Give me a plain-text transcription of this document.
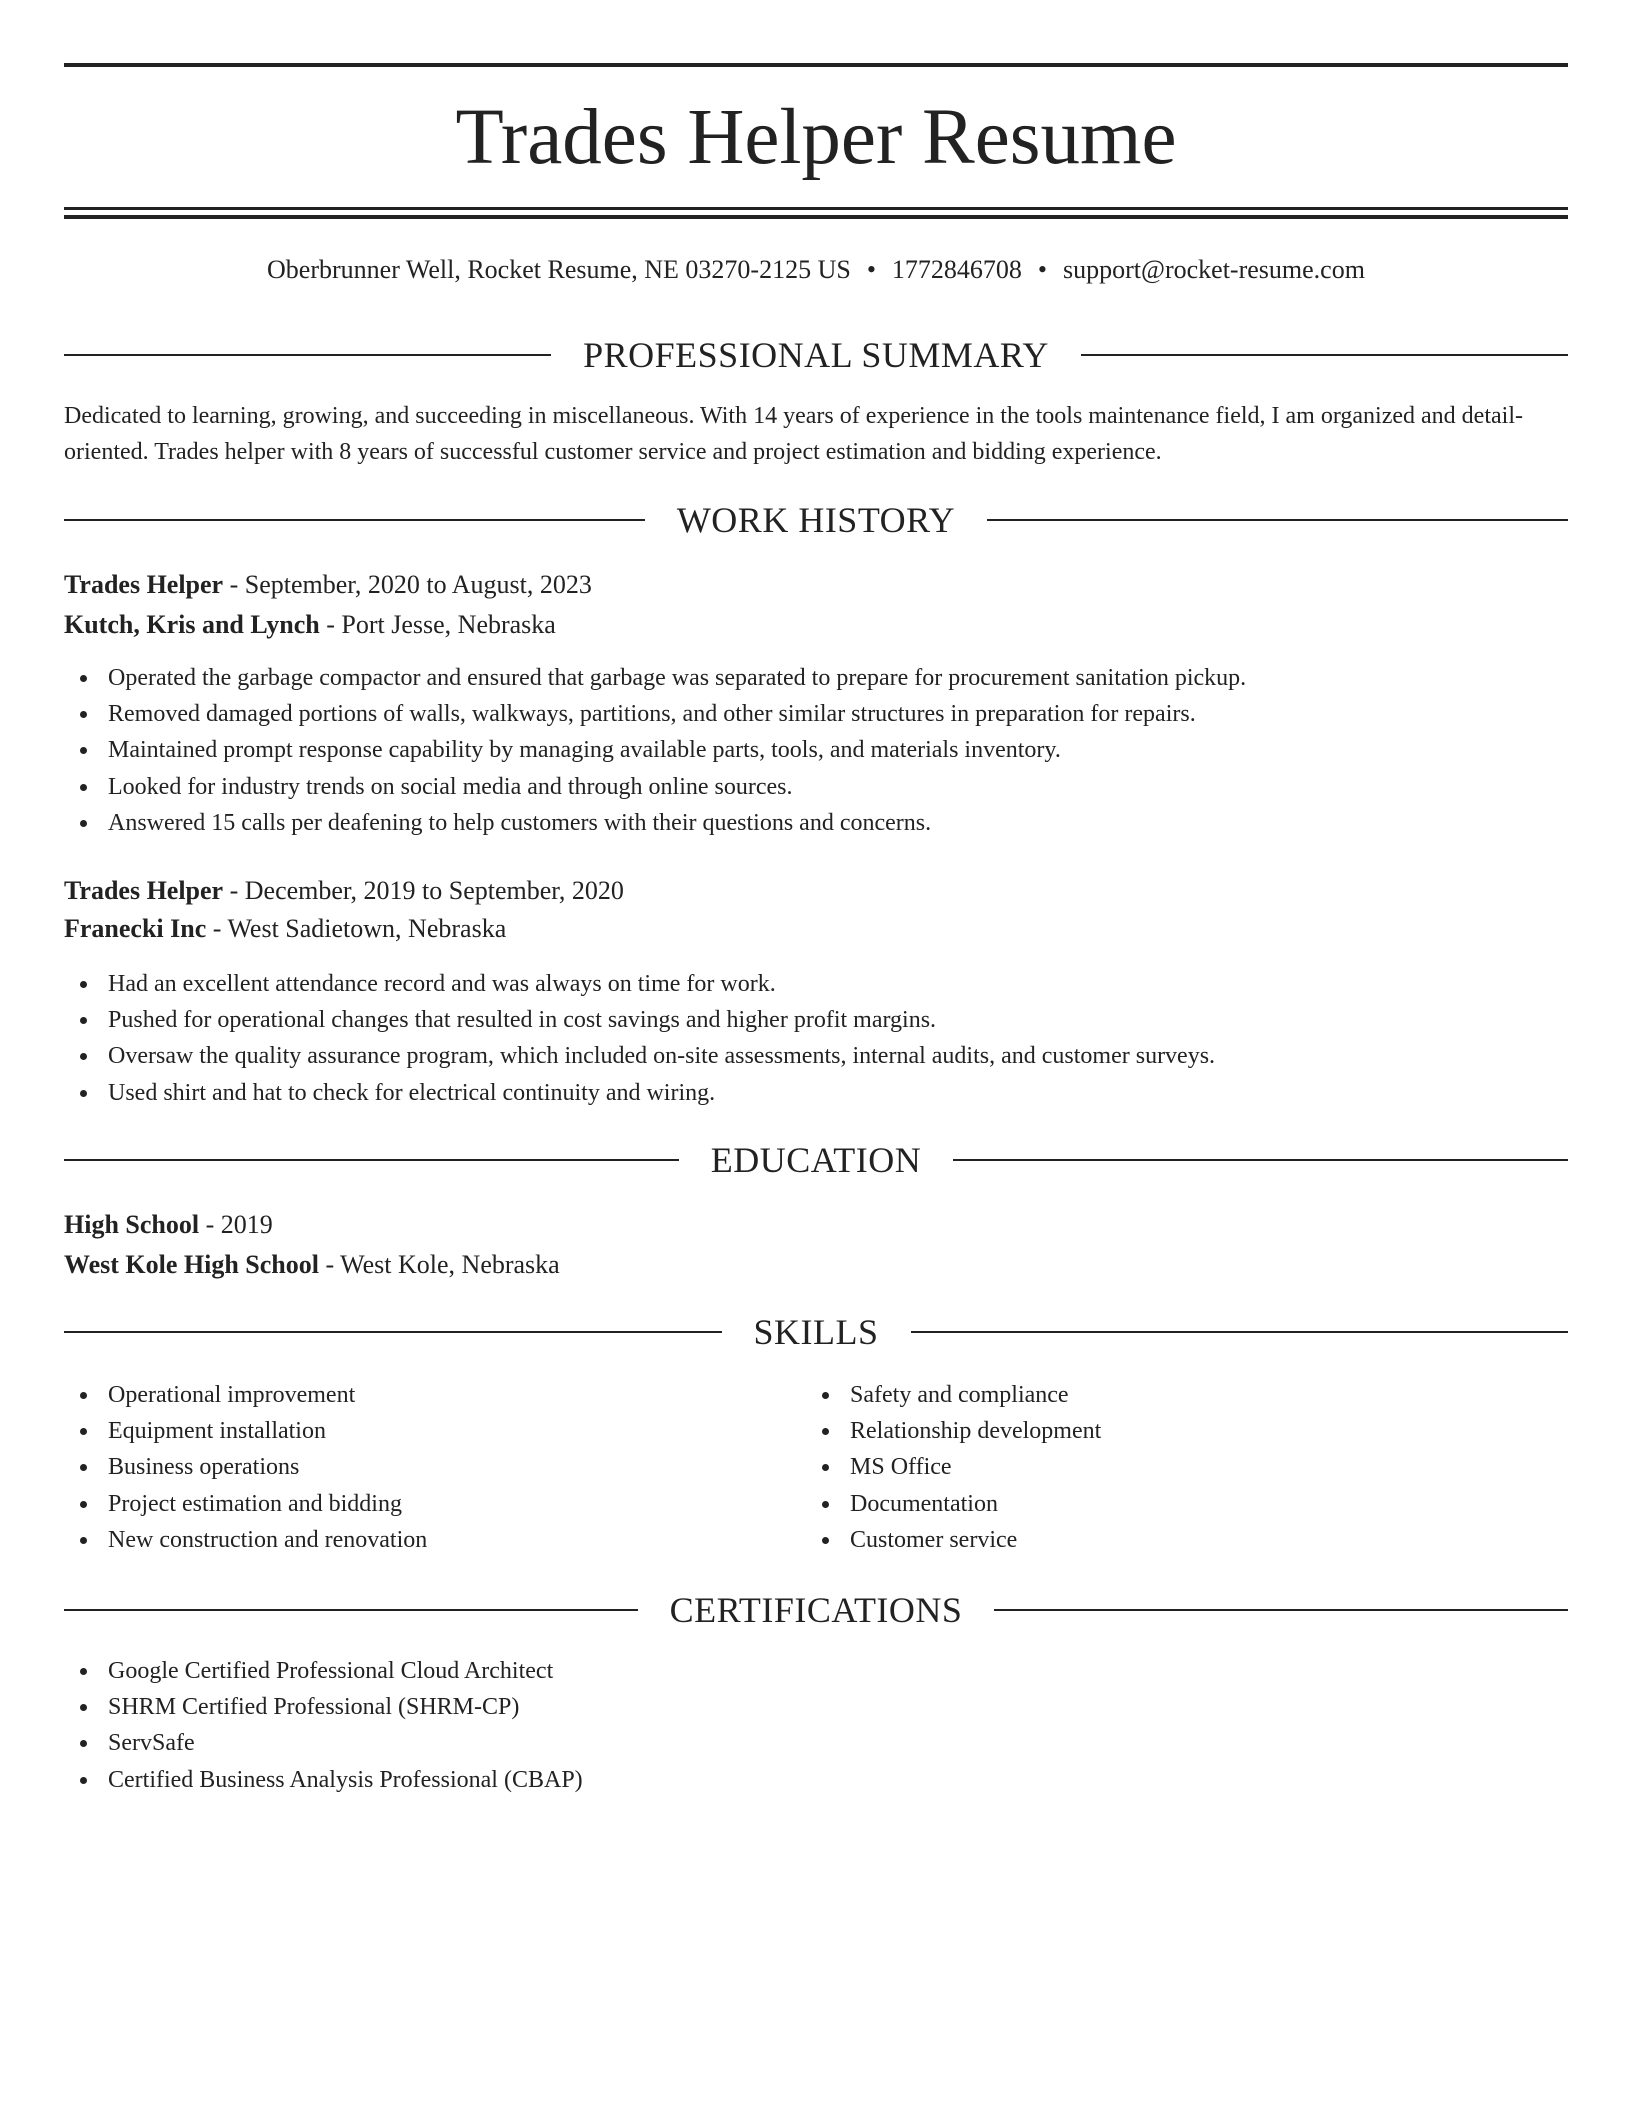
Trades Helper Resume
Oberbrunner Well, Rocket Resume, NE 03270-2125 US • 1772846708 • support@rocket-resume.com
PROFESSIONAL SUMMARY

Dedicated to learning, growing, and succeeding in miscellaneous. With 14 years of experience in the tools maintenance field, I am organized and detail-oriented. Trades helper with 8 years of successful customer service and project estimation and bidding experience.

WORK HISTORY
Trades Helper - September, 2020 to August, 2023
Kutch, Kris and Lynch - Port Jesse, Nebraska
Operated the garbage compactor and ensured that garbage was separated to prepare for procurement sanitation pickup.
Removed damaged portions of walls, walkways, partitions, and other similar structures in preparation for repairs.
Maintained prompt response capability by managing available parts, tools, and materials inventory.
Looked for industry trends on social media and through online sources.
Answered 15 calls per deafening to help customers with their questions and concerns.
Trades Helper - December, 2019 to September, 2020
Franecki Inc - West Sadietown, Nebraska
Had an excellent attendance record and was always on time for work.
Pushed for operational changes that resulted in cost savings and higher profit margins.
Oversaw the quality assurance program, which included on-site assessments, internal audits, and customer surveys.
Used shirt and hat to check for electrical continuity and wiring.
EDUCATION
High School - 2019
West Kole High School - West Kole, Nebraska
SKILLS
Operational improvement
Equipment installation
Business operations
Project estimation and bidding
New construction and renovation
Safety and compliance
Relationship development
MS Office
Documentation
Customer service
CERTIFICATIONS
Google Certified Professional Cloud Architect
SHRM Certified Professional (SHRM-CP)
ServSafe
Certified Business Analysis Professional (CBAP)
